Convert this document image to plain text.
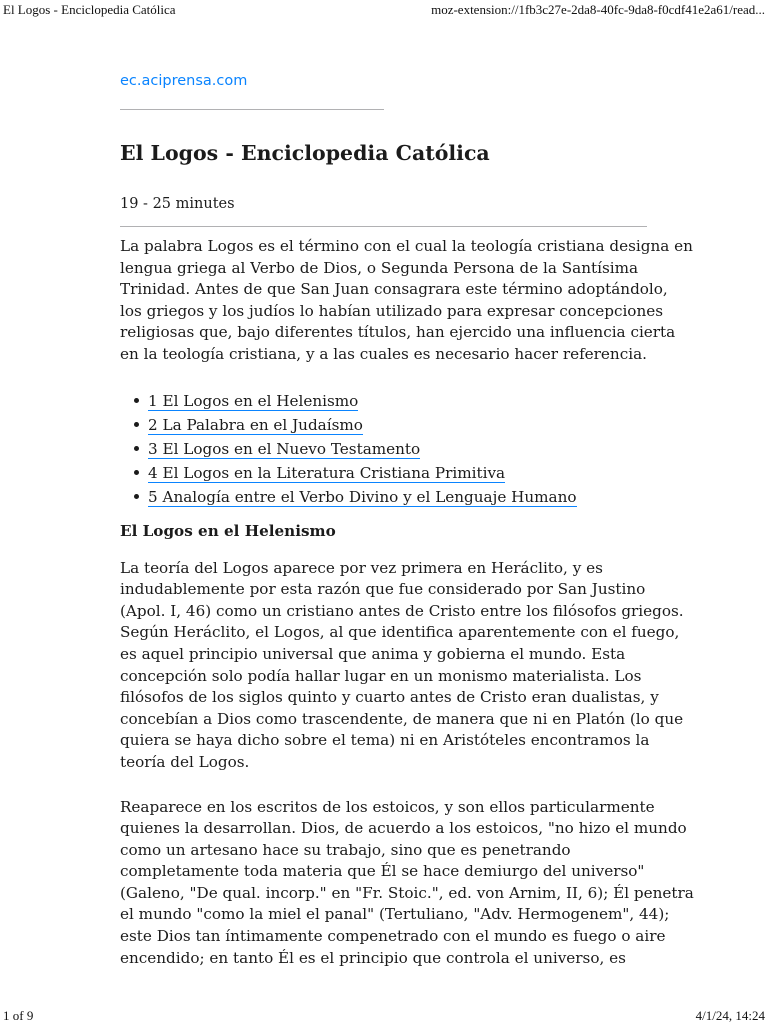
El Logos - Enciclopedia Católica	moz-extension://1fb3c27e-2da8-40fc-9da8-f0cdf41e2a61/read...
ec.aciprensa.com
El Logos - Enciclopedia Católica
19 - 25 minutes

La palabra Logos es el término con el cual la teología cristiana designa en
lengua griega al Verbo de Dios, o Segunda Persona de la Santísima
Trinidad. Antes de que San Juan consagrara este término adoptándolo,
los griegos y los judíos lo habían utilizado para expresar concepciones
religiosas que, bajo diferentes títulos, han ejercido una influencia cierta
en la teología cristiana, y a las cuales es necesario hacer referencia.

1 El Logos en el Helenismo
2 La Palabra en el Judaísmo
3 El Logos en el Nuevo Testamento
4 El Logos en la Literatura Cristiana Primitiva
5 Analogía entre el Verbo Divino y el Lenguaje Humano
El Logos en el Helenismo

La teoría del Logos aparece por vez primera en Heráclito, y es
indudablemente por esta razón que fue considerado por San Justino
(Apol. I, 46) como un cristiano antes de Cristo entre los filósofos griegos.
Según Heráclito, el Logos, al que identifica aparentemente con el fuego,
es aquel principio universal que anima y gobierna el mundo. Esta
concepción solo podía hallar lugar en un monismo materialista. Los
filósofos de los siglos quinto y cuarto antes de Cristo eran dualistas, y
concebían a Dios como trascendente, de manera que ni en Platón (lo que
quiera se haya dicho sobre el tema) ni en Aristóteles encontramos la
teoría del Logos.

Reaparece en los escritos de los estoicos, y son ellos particularmente
quienes la desarrollan. Dios, de acuerdo a los estoicos, "no hizo el mundo
como un artesano hace su trabajo, sino que es penetrando
completamente toda materia que Él se hace demiurgo del universo"
(Galeno, "De qual. incorp." en "Fr. Stoic.", ed. von Arnim, II, 6); Él penetra
el mundo "como la miel el panal" (Tertuliano, "Adv. Hermogenem", 44);
este Dios tan íntimamente compenetrado con el mundo es fuego o aire
encendido; en tanto Él es el principio que controla el universo, es

1 of 9	4/1/24, 14:24
